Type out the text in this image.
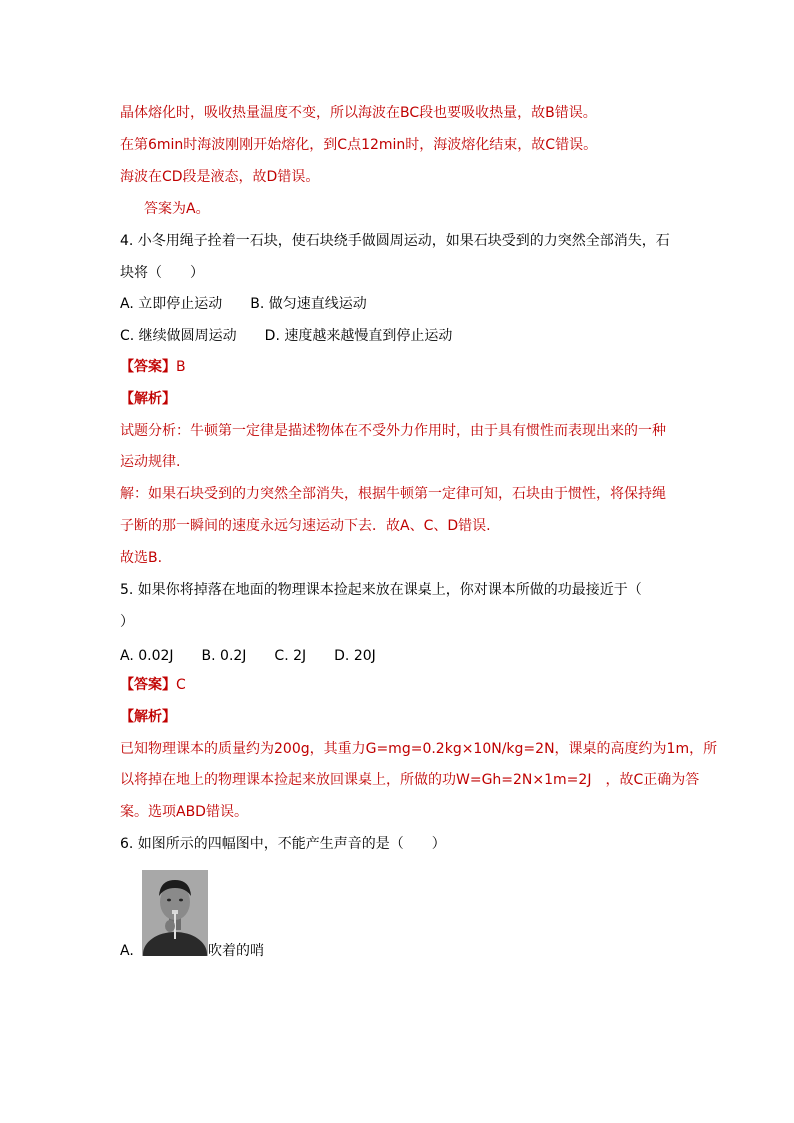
晶体熔化时，吸收热量温度不变，所以海波在BC段也要吸收热量，故B错误。
在第6min时海波刚刚开始熔化，到C点12min时，海波熔化结束，故C错误。
海波在CD段是液态，故D错误。
答案为A。
4. 小冬用绳子拴着一石块，使石块绕手做圆周运动，如果石块受到的力突然全部消失，石
块将（　　）
A. 立即停止运动　　B. 做匀速直线运动
C. 继续做圆周运动　　D. 速度越来越慢直到停止运动
【答案】B
【解析】
试题分析：牛顿第一定律是描述物体在不受外力作用时，由于具有惯性而表现出来的一种
运动规律.
解：如果石块受到的力突然全部消失，根据牛顿第一定律可知，石块由于惯性，将保持绳
子断的那一瞬间的速度永远匀速运动下去．故A、C、D错误.
故选B.
5. 如果你将掉落在地面的物理课本捡起来放在课桌上，你对课本所做的功最接近于（
）
A. 0.02J　　B. 0.2J　　C. 2J　　D. 20J
【答案】C
【解析】
已知物理课本的质量约为200g，其重力G=mg=0.2kg×10N/kg=2N，课桌的高度约为1m，所
以将掉在地上的物理课本捡起来放回课桌上，所做的功W=Gh=2N×1m=2J　，故C正确为答
案。选项ABD错误。
6. 如图所示的四幅图中，不能产生声音的是（　　）
A.	吹着的哨
